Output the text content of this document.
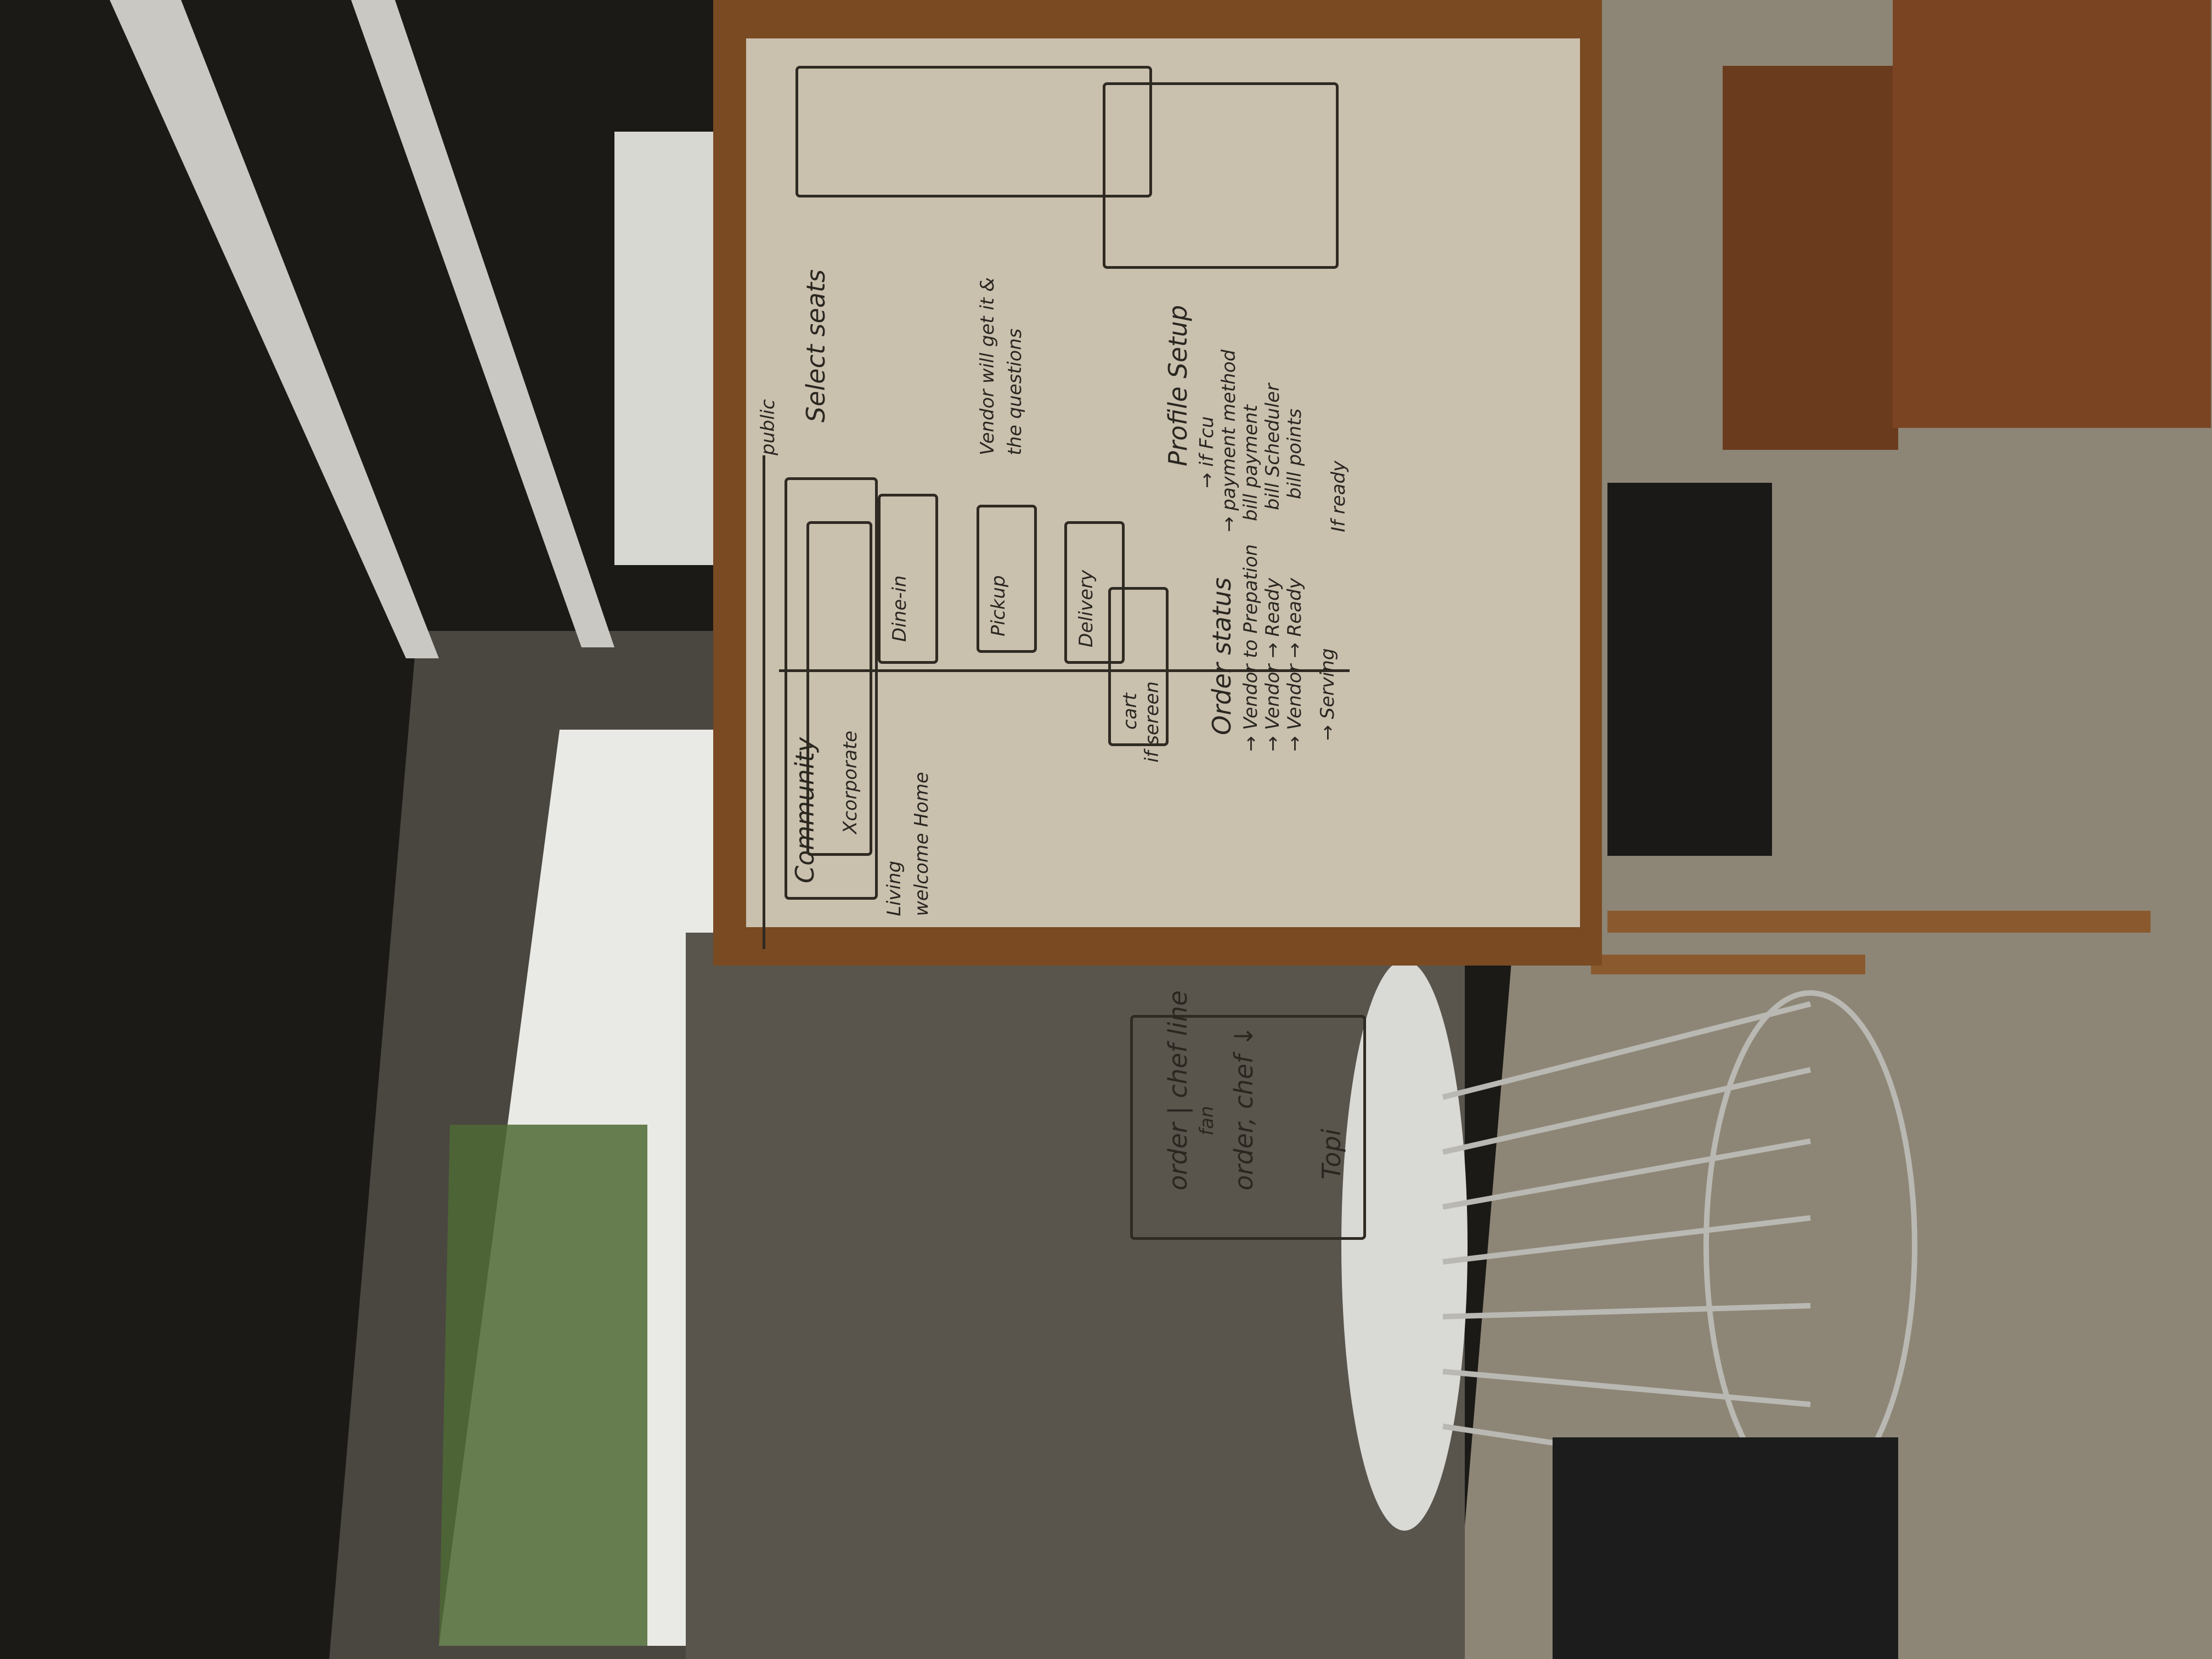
Community Xcorporate
Dine-in	Pickup	Delivery
cart
public
Select seats	Vendor will get it & the questions
if sereen
Profile Setup → if Fcu → payment method bill payment bill Scheduler bill points
Order status → Vendor to Prepation → Vendor → Ready → Vendor → Ready → Serving
If ready
order | chef line fan order, chef ↓ Topi
Living welcome Home
